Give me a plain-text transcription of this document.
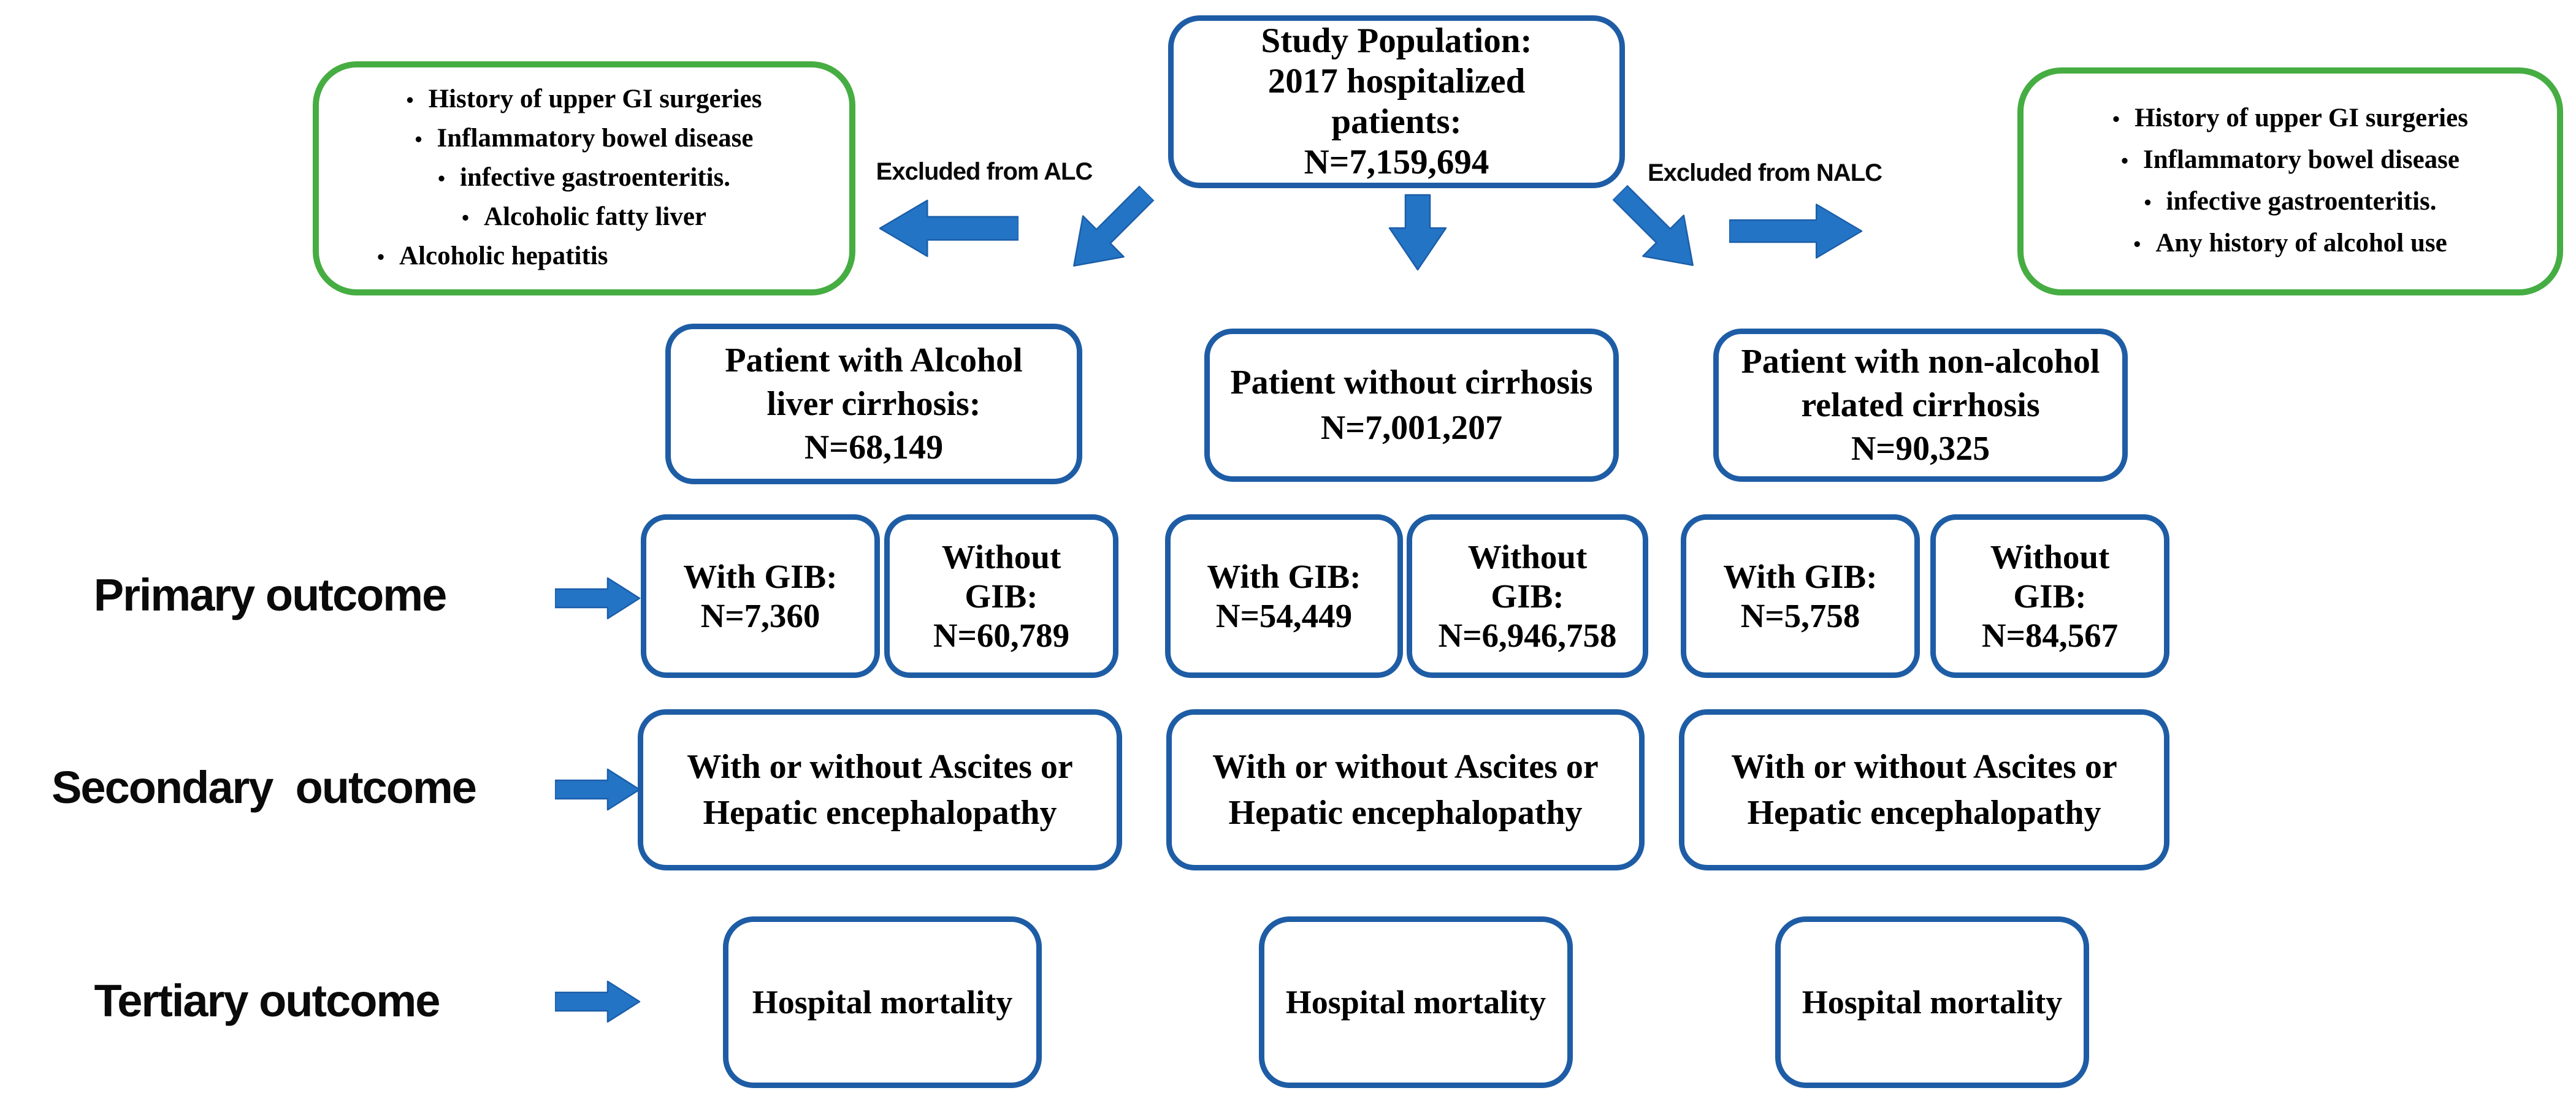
Study Population:
2017 hospitalized
patients:
N=7,159,694
• History of upper GI surgeries
• Inflammatory bowel disease
• infective gastroenteritis.
• Alcoholic fatty liver
• Alcoholic hepatitis
• History of upper GI surgeries
• Inflammatory bowel disease
• infective gastroenteritis.
• Any history of alcohol use
Excluded from ALC	Excluded from NALC
Patient with Alcohol
liver cirrhosis:
N=68,149
Patient without cirrhosis
N=7,001,207
Patient with non-alcohol
related cirrhosis
N=90,325
Primary outcome	With GIB:
N=7,360
Without
GIB:
N=60,789
With GIB:
N=54,449
Without
GIB:
N=6,946,758
With GIB:
N=5,758
Without
GIB:
N=84,567
Secondary  outcome	With or without Ascites or
Hepatic encephalopathy
With or without Ascites or
Hepatic encephalopathy
With or without Ascites or
Hepatic encephalopathy
Tertiary outcome	Hospital mortality	Hospital mortality	Hospital mortality
